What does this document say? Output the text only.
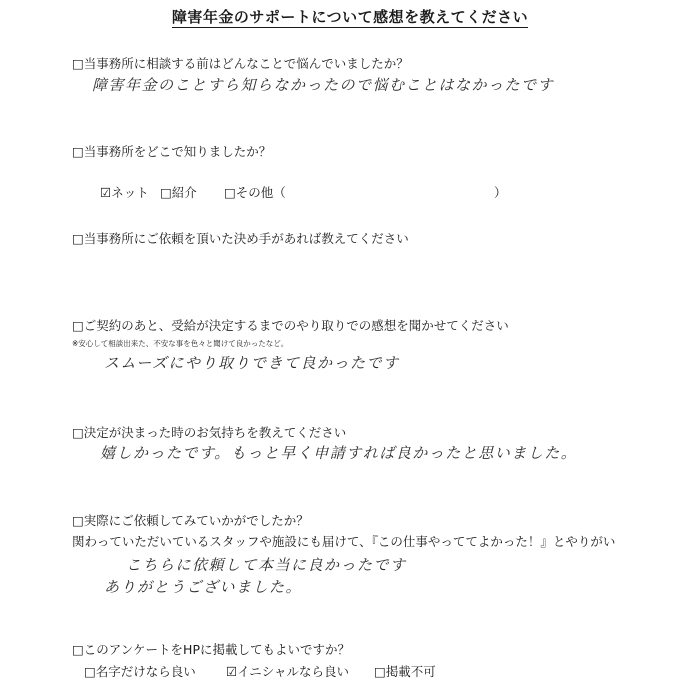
障害年金のサポートについて感想を教えてください
□当事務所に相談する前はどんなことで悩んでいましたか？
障害年金のことすら知らなかったので悩むことはなかったです
□当事務所をどこで知りましたか？
☑ネット □紹介 □その他（	）
□当事務所にご依頼を頂いた決め手があれば教えてください
□ご契約のあと、受給が決定するまでのやり取りでの感想を聞かせてください
※安心して相談出来た、不安な事を色々と聞けて良かったなど。
スムーズにやり取りできて良かったです
□決定が決まった時のお気持ちを教えてください
嬉しかったです。もっと早く申請すれば良かったと思いました。
□実際にご依頼してみていかがでしたか？
関わっていただいているスタッフや施設にも届けて、『この仕事やっててよかった！』とやりがい
こちらに依頼して本当に良かったです
ありがとうございました。
□このアンケートをHPに掲載してもよいですか？
□名字だけなら良い ☑イニシャルなら良い □掲載不可
